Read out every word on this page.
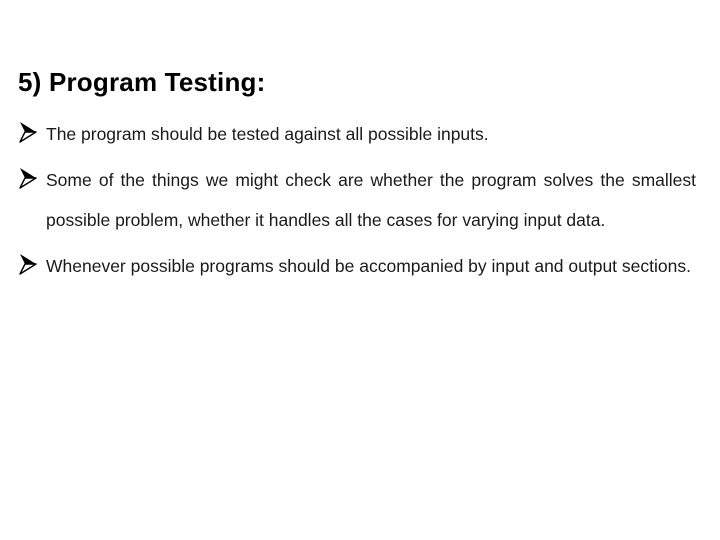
5) Program Testing:
The program should be tested against all possible inputs.
Some of the things we might check are whether the program solves the smallest possible problem, whether it handles all the cases for varying input data.
Whenever possible programs should be accompanied by input and output sections.
